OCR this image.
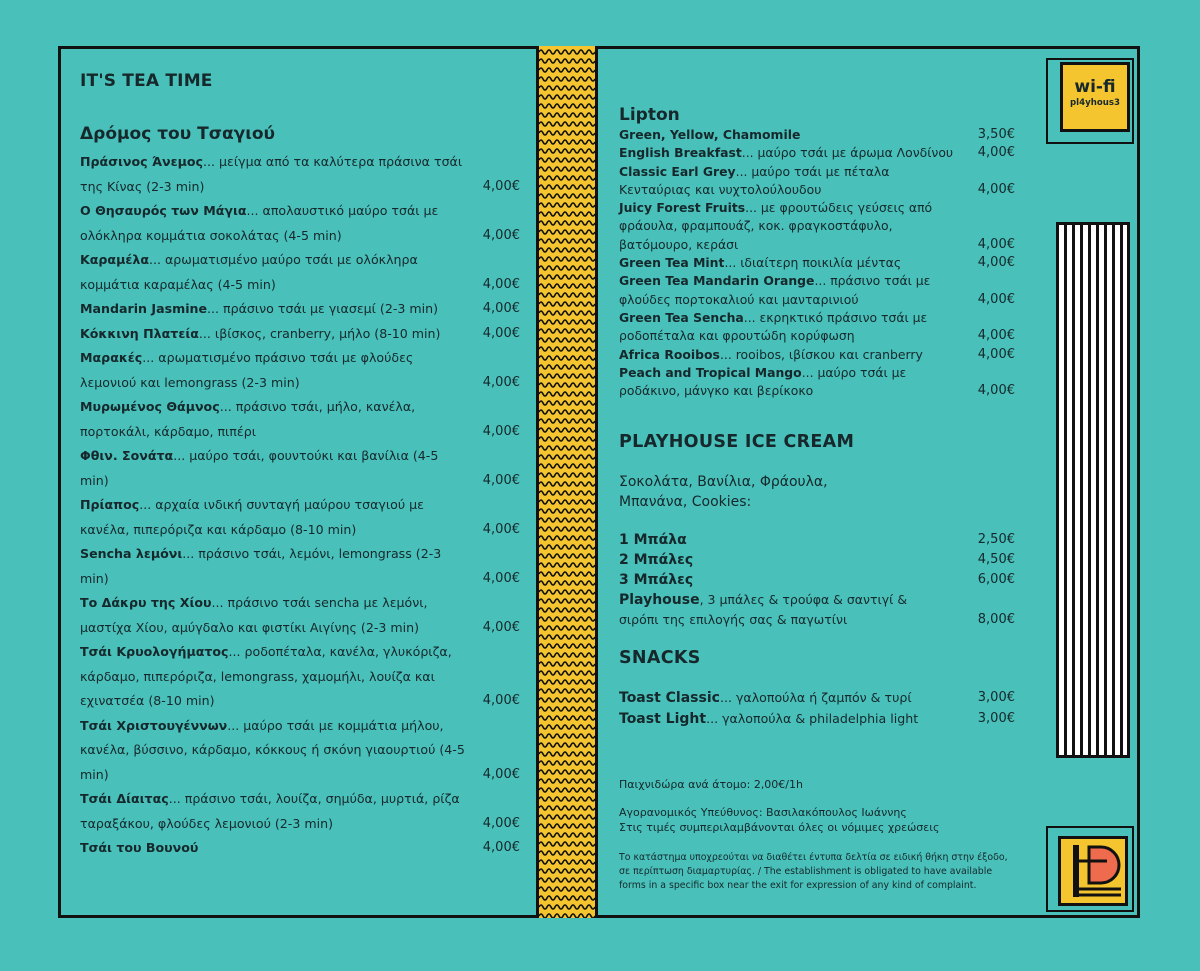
IT'S TEA TIME
Δρόμος του Τσαγιού
Πράσινος Άνεμος... μείγμα από τα καλύτερα πράσινα τσάι της Κίνας (2-3 min)	4,00€
Ο Θησαυρός των Μάγια... απολαυστικό μαύρο τσάι με ολόκληρα κομμάτια σοκολάτας (4-5 min)	4,00€
Καραμέλα... αρωματισμένο μαύρο τσάι με ολόκληρα κομμάτια καραμέλας (4-5 min)	4,00€
Mandarin Jasmine... πράσινο τσάι με γιασεμί (2-3 min)	4,00€
Κόκκινη Πλατεία... ιβίσκος, cranberry, μήλο (8-10 min)	4,00€
Μαρακές... αρωματισμένο πράσινο τσάι με φλούδες λεμονιού και lemongrass (2-3 min)	4,00€
Μυρωμένος Θάμνος... πράσινο τσάι, μήλο, κανέλα, πορτοκάλι, κάρδαμο, πιπέρι	4,00€
Φθιν. Σονάτα... μαύρο τσάι, φουντούκι και βανίλια (4-5 min)	4,00€
Πρίαπος... αρχαία ινδική συνταγή μαύρου τσαγιού με κανέλα, πιπερόριζα και κάρδαμο (8-10 min)	4,00€
Sencha λεμόνι... πράσινο τσάι, λεμόνι, lemongrass (2-3 min)	4,00€
Το Δάκρυ της Χίου... πράσινο τσάι sencha με λεμόνι, μαστίχα Χίου, αμύγδαλο και φιστίκι Αιγίνης (2-3 min)	4,00€
Τσάι Κρυολογήματος... ροδοπέταλα, κανέλα, γλυκόριζα, κάρδαμο, πιπερόριζα, lemongrass, χαμομήλι, λουίζα και εχινατσέα (8-10 min)	4,00€
Τσάι Χριστουγέννων... μαύρο τσάι με κομμάτια μήλου, κανέλα, βύσσινο, κάρδαμο, κόκκους ή σκόνη γιαουρτιού (4-5 min)	4,00€
Τσάι Δίαιτας... πράσινο τσάι, λουίζα, σημύδα, μυρτιά, ρίζα ταραξάκου, φλούδες λεμονιού (2-3 min)	4,00€
Τσάι του Βουνού	4,00€
Lipton
Green, Yellow, Chamomile	3,50€
English Breakfast... μαύρο τσάι με άρωμα Λονδίνου	4,00€
Classic Earl Grey... μαύρο τσάι με πέταλα Κενταύριας και νυχτολούλουδου	4,00€
Juicy Forest Fruits... με φρουτώδεις γεύσεις από φράουλα, φραμπουάζ, κοκ. φραγκοστάφυλο, βατόμουρο, κεράσι	4,00€
Green Tea Mint... ιδιαίτερη ποικιλία μέντας	4,00€
Green Tea Mandarin Orange... πράσινο τσάι με φλούδες πορτοκαλιού και μανταρινιού	4,00€
Green Tea Sencha... εκρηκτικό πράσινο τσάι με ροδοπέταλα και φρουτώδη κορύφωση	4,00€
Africa Rooibos... rooibos, ιβίσκου και cranberry	4,00€
Peach and Tropical Mango... μαύρο τσάι με ροδάκινο, μάνγκο και βερίκοκο	4,00€
PLAYHOUSE ICE CREAM

Σοκολάτα, Βανίλια, Φράουλα, Μπανάνα, Cookies:

1 Μπάλα	2,50€
2 Μπάλες	4,50€
3 Μπάλες	6,00€
Playhouse, 3 μπάλες & τρούφα & σαντιγί & σιρόπι της επιλογής σας & παγωτίνι	8,00€
SNACKS
Toast Classic... γαλοπούλα ή ζαμπόν & τυρί	3,00€
Toast Light... γαλοπούλα & philadelphia light	3,00€

Παιχνιδώρα ανά άτομο: 2,00€/1h

Αγορανομικός Υπεύθυνος: Βασιλακόπουλος Ιωάννης

Στις τιμές συμπεριλαμβάνονται όλες οι νόμιμες χρεώσεις

Το κατάστημα υποχρεούται να διαθέτει έντυπα δελτία σε ειδική θήκη στην έξοδο, σε περίπτωση διαμαρτυρίας. / The establishment is obligated to have available forms in a specific box near the exit for expression of any kind of complaint.

wi-fi
pl4yhous3
